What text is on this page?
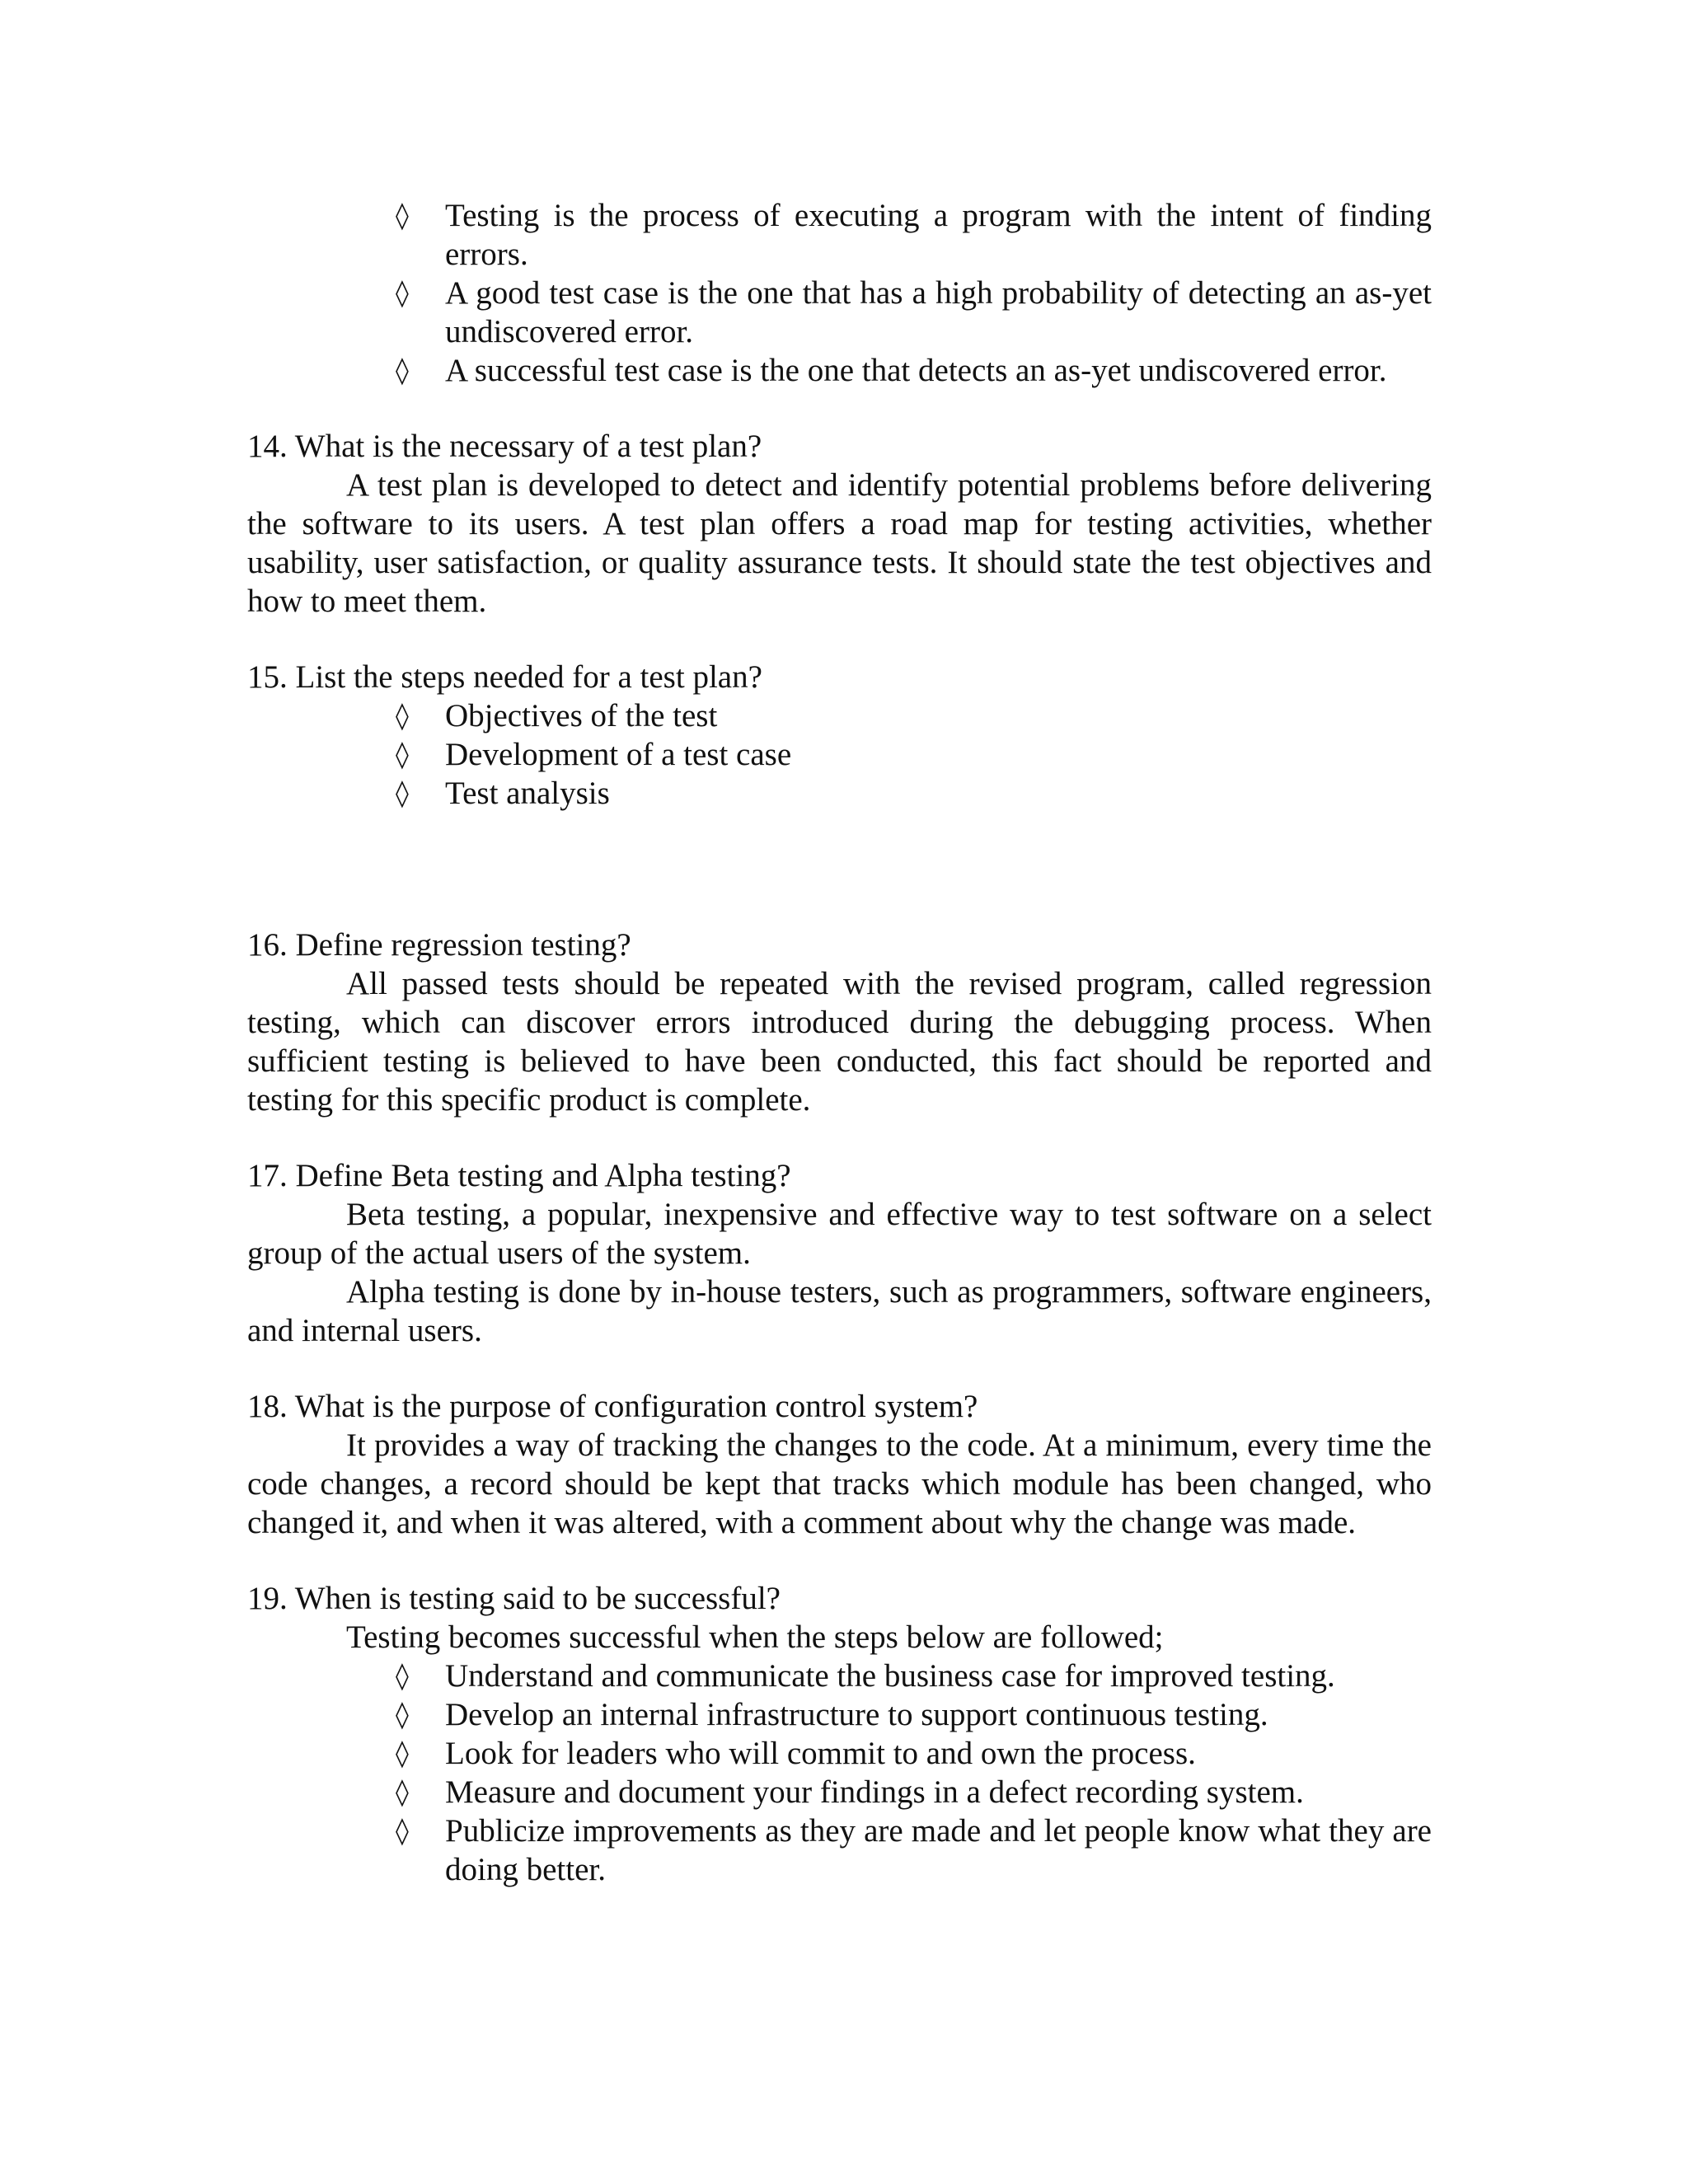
◊	Testing is the process of executing a program with the intent of finding errors.
◊	A good test case is the one that has a high probability of detecting an as-yet undiscovered error.
◊	A successful test case is the one that detects an as-yet undiscovered error.

14. What is the necessary of a test plan?

A test plan is developed to detect and identify potential problems before delivering the software to its users. A test plan offers a road map for testing activities, whether usability, user satisfaction, or quality assurance tests. It should state the test objectives and how to meet them.

15. List the steps needed for a test plan?

◊	Objectives of the test
◊	Development of a test case
◊	Test analysis

16. Define regression testing?

All passed tests should be repeated with the revised program, called regression testing, which can discover errors introduced during the debugging process. When sufficient testing is believed to have been conducted, this fact should be reported and testing for this specific product is complete.

17. Define Beta testing and Alpha testing?

Beta testing, a popular, inexpensive and effective way to test software on a select group of the actual users of the system.

Alpha testing is done by in-house testers, such as programmers, software engineers, and internal users.

18. What is the purpose of configuration control system?

It provides a way of tracking the changes to the code. At a minimum, every time the code changes, a record should be kept that tracks which module has been changed, who changed it, and when it was altered, with a comment about why the change was made.

19. When is testing said to be successful?

Testing becomes successful when the steps below are followed;

◊	Understand and communicate the business case for improved testing.
◊	Develop an internal infrastructure to support continuous testing.
◊	Look for leaders who will commit to and own the process.
◊	Measure and document your findings in a defect recording system.
◊	Publicize improvements as they are made and let people know what they are doing better.
